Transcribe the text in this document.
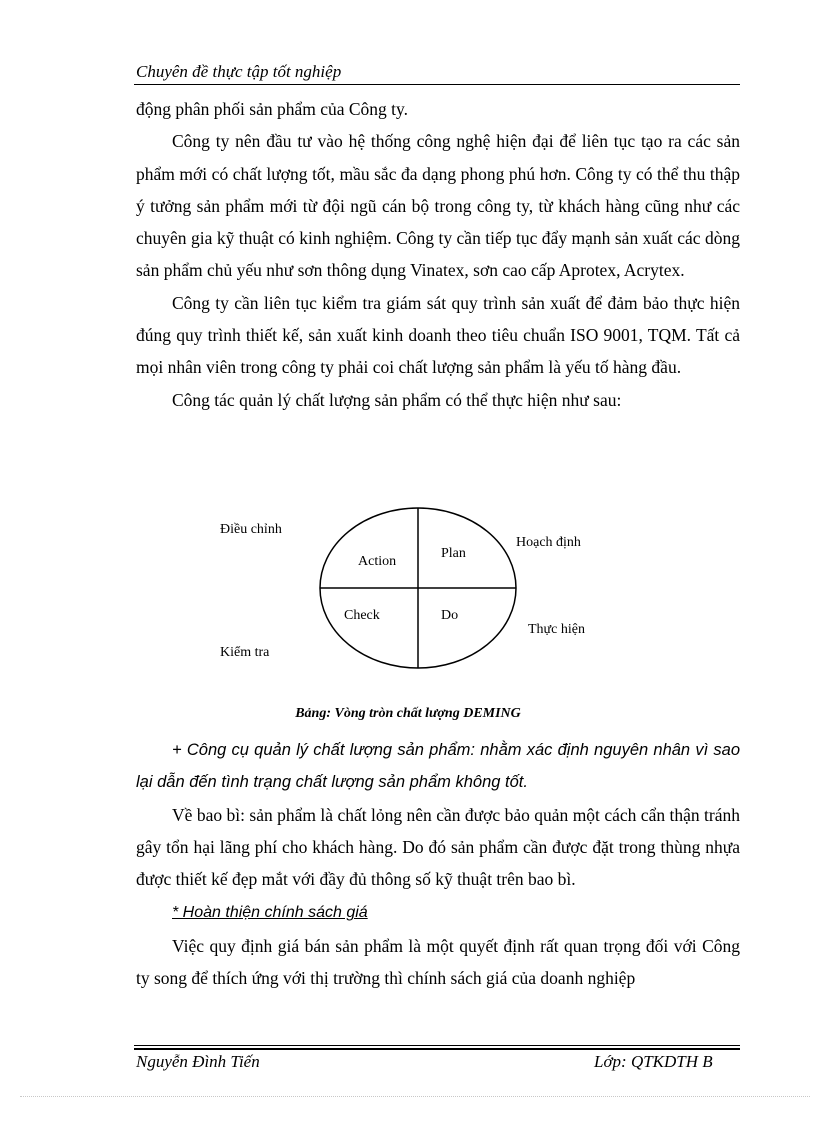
Chuyên đề thực tập tốt nghiệp

động phân phối sản phẩm của Công ty.

Công ty nên đầu tư vào hệ thống công nghệ hiện đại để liên tục tạo ra các sản phẩm mới có chất lượng tốt, mầu sắc đa dạng phong phú hơn. Công ty có thể thu thập ý tưởng sản phẩm mới từ đội ngũ cán bộ trong công ty, từ khách hàng cũng như các chuyên gia kỹ thuật có kinh nghiệm. Công ty cần tiếp tục đẩy mạnh sản xuất các dòng sản phẩm chủ yếu như sơn thông dụng Vinatex, sơn cao cấp Aprotex, Acrytex.

Công ty cần liên tục kiểm tra giám sát quy trình sản xuất để đảm bảo thực hiện đúng quy trình thiết kế, sản xuất kinh doanh theo tiêu chuẩn ISO 9001, TQM. Tất cả mọi nhân viên trong công ty phải coi chất lượng sản phẩm là yếu tố hàng đầu.

Công tác quản lý chất lượng sản phẩm có thể thực hiện như sau:

Điều chỉnh
Hoạch định
Thực hiện
Kiểm tra
Action
Plan
Check	Do
Bảng: Vòng tròn chất lượng DEMING

+ Công cụ quản lý chất lượng sản phẩm: nhằm xác định nguyên nhân vì sao lại dẫn đến tình trạng chất lượng sản phẩm không tốt.

Về bao bì: sản phẩm là chất lỏng nên cần được bảo quản một cách cẩn thận tránh gây tổn hại lãng phí cho khách hàng. Do đó sản phẩm cần được đặt trong thùng nhựa được thiết kế đẹp mắt với đầy đủ thông số kỹ thuật trên bao bì.

* Hoàn thiện chính sách giá

Việc quy định giá bán sản phẩm là một quyết định rất quan trọng đối với Công ty song để thích ứng với thị trường thì chính sách giá của doanh nghiệp

Nguyễn Đình Tiến	Lớp: QTKDTH B
